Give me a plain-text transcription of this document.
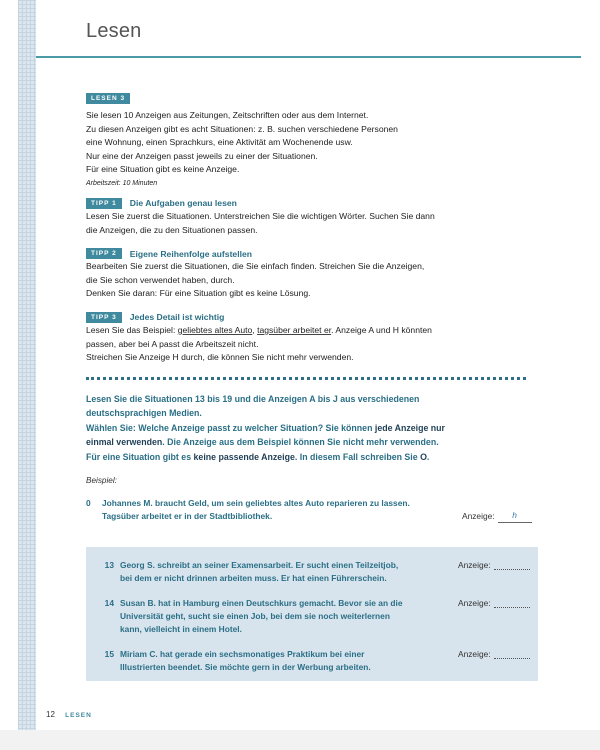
Lesen
LESEN 3

Sie lesen 10 Anzeigen aus Zeitungen, Zeitschriften oder aus dem Internet.

Zu diesen Anzeigen gibt es acht Situationen: z. B. suchen verschiedene Personen

eine Wohnung, einen Sprachkurs, eine Aktivität am Wochenende usw.

Nur eine der Anzeigen passt jeweils zu einer der Situationen.

Für eine Situation gibt es keine Anzeige.

Arbeitszeit: 10 Minuten
TIPP 1	Die Aufgaben genau lesen

Lesen Sie zuerst die Situationen. Unterstreichen Sie die wichtigen Wörter. Suchen Sie dann

die Anzeigen, die zu den Situationen passen.

TIPP 2	Eigene Reihenfolge aufstellen

Bearbeiten Sie zuerst die Situationen, die Sie einfach finden. Streichen Sie die Anzeigen,

die Sie schon verwendet haben, durch.

Denken Sie daran: Für eine Situation gibt es keine Lösung.

TIPP 3	Jedes Detail ist wichtig

Lesen Sie das Beispiel: geliebtes altes Auto, tagsüber arbeitet er. Anzeige A und H könnten

passen, aber bei A passt die Arbeitszeit nicht.

Streichen Sie Anzeige H durch, die können Sie nicht mehr verwenden.

Lesen Sie die Situationen 13 bis 19 und die Anzeigen A bis J aus verschiedenen
deutschsprachigen Medien.
Wählen Sie: Welche Anzeige passt zu welcher Situation? Sie können jede Anzeige nur
einmal verwenden. Die Anzeige aus dem Beispiel können Sie nicht mehr verwenden.
Für eine Situation gibt es keine passende Anzeige. In diesem Fall schreiben Sie O.
Beispiel:
0	Johannes M. braucht Geld, um sein geliebtes altes Auto reparieren zu lassen.
Tagsüber arbeitet er in der Stadtbibliothek.	Anzeige:	h
13 Georg S. schreibt an seiner Examensarbeit. Er sucht einen Teilzeitjob,
bei dem er nicht drinnen arbeiten muss. Er hat einen Führerschein.
Anzeige:
14 Susan B. hat in Hamburg einen Deutschkurs gemacht. Bevor sie an die
Universität geht, sucht sie einen Job, bei dem sie noch weiterlernen
kann, vielleicht in einem Hotel.
Anzeige:
15 Miriam C. hat gerade ein sechsmonatiges Praktikum bei einer
Illustrierten beendet. Sie möchte gern in der Werbung arbeiten.
Anzeige:
12 LESEN
